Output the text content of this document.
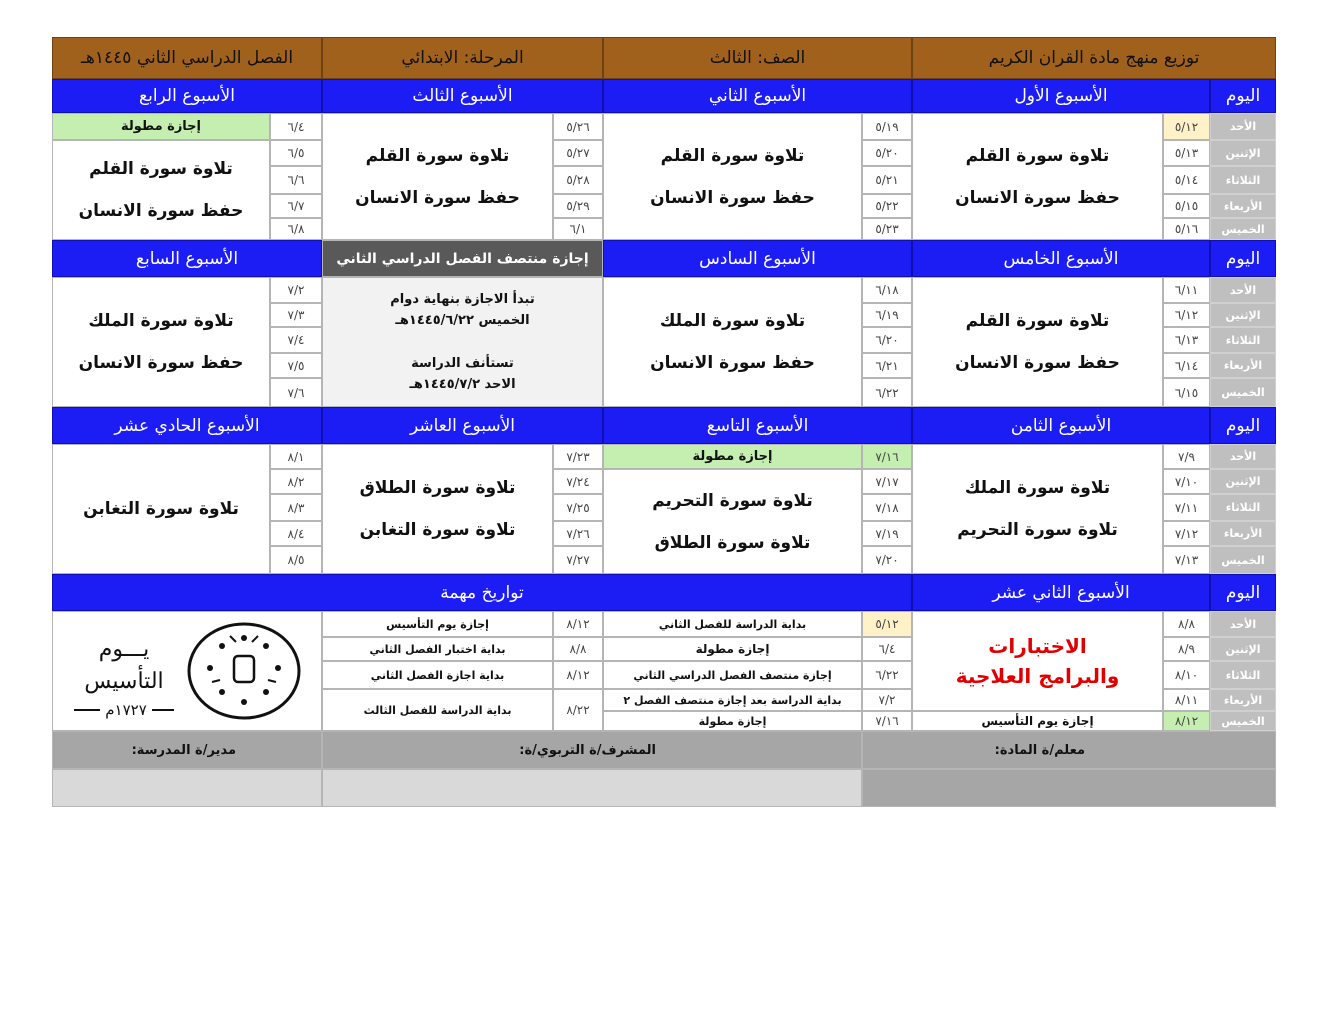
توزيع منهج مادة القران الكريم
الصف: الثالث
المرحلة: الابتدائي
الفصل الدراسي الثاني ١٤٤٥هـ
اليوم
الأسبوع الأول
الأسبوع الثاني
الأسبوع الثالث
الأسبوع الرابع
الأحد
الإثنين
الثلاثاء
الأربعاء
الخميس
٥/١٢
٥/١٣
٥/١٤
٥/١٥
٥/١٦
تلاوة سورة القلم
حفظ سورة الانسان
٥/١٩
٥/٢٠
٥/٢١
٥/٢٢
٥/٢٣
تلاوة سورة القلم
حفظ سورة الانسان
٥/٢٦
٥/٢٧
٥/٢٨
٥/٢٩
٦/١
تلاوة سورة القلم
حفظ سورة الانسان
٦/٤
٦/٥
٦/٦
٦/٧
٦/٨
إجازة مطولة
تلاوة سورة القلم
حفظ سورة الانسان
اليوم
الأسبوع الخامس
الأسبوع السادس
إجازة منتصف الفصل الدراسي الثاني
الأسبوع السابع
الأحد
الإثنين
الثلاثاء
الأربعاء
الخميس
٦/١١
٦/١٢
٦/١٣
٦/١٤
٦/١٥
تلاوة سورة القلم
حفظ سورة الانسان
٦/١٨
٦/١٩
٦/٢٠
٦/٢١
٦/٢٢
تلاوة سورة الملك
حفظ سورة الانسان
تبدأ الاجازة بنهاية دوام
الخميس ١٤٤٥/٦/٢٢هـ
تستأنف الدراسة
الاحد ١٤٤٥/٧/٢هـ
٧/٢
٧/٣
٧/٤
٧/٥
٧/٦
تلاوة سورة الملك
حفظ سورة الانسان
اليوم
الأسبوع الثامن
الأسبوع التاسع
الأسبوع العاشر
الأسبوع الحادي عشر
الأحد
الإثنين
الثلاثاء
الأربعاء
الخميس
٧/٩
٧/١٠
٧/١١
٧/١٢
٧/١٣
تلاوة سورة الملك
تلاوة سورة التحريم
٧/١٦
٧/١٧
٧/١٨
٧/١٩
٧/٢٠
إجازة مطولة
تلاوة سورة التحريم
تلاوة سورة الطلاق
٧/٢٣
٧/٢٤
٧/٢٥
٧/٢٦
٧/٢٧
تلاوة سورة الطلاق
تلاوة سورة التغابن
٨/١
٨/٢
٨/٣
٨/٤
٨/٥
تلاوة سورة التغابن
اليوم
الأسبوع الثاني عشر
تواريخ مهمة
الأحد
الإثنين
الثلاثاء
الأربعاء
الخميس
٨/٨
٨/٩
٨/١٠
٨/١١
٨/١٢
الاختبارات
والبرامج العلاجية
إجازة يوم التأسيس
٥/١٢
٦/٤
٦/٢٢
٧/٢
٧/١٦
بداية الدراسة للفصل الثاني
إجازة مطولة
إجازة منتصف الفصل الدراسي الثاني
بداية الدراسة بعد إجازة منتصف الفصل ٢
إجازة مطولة
٨/١٢
٨/٨
٨/١٢
٨/٢٢
إجازة يوم التأسيس
بداية اختبار الفصل الثاني
بداية اجازة الفصل الثاني
بداية الدراسة للفصل الثالث
يـــوم
التأسيس
١٧٢٧م
معلم/ة المادة:
المشرف/ة التربوي/ة:
مدير/ة المدرسة:
